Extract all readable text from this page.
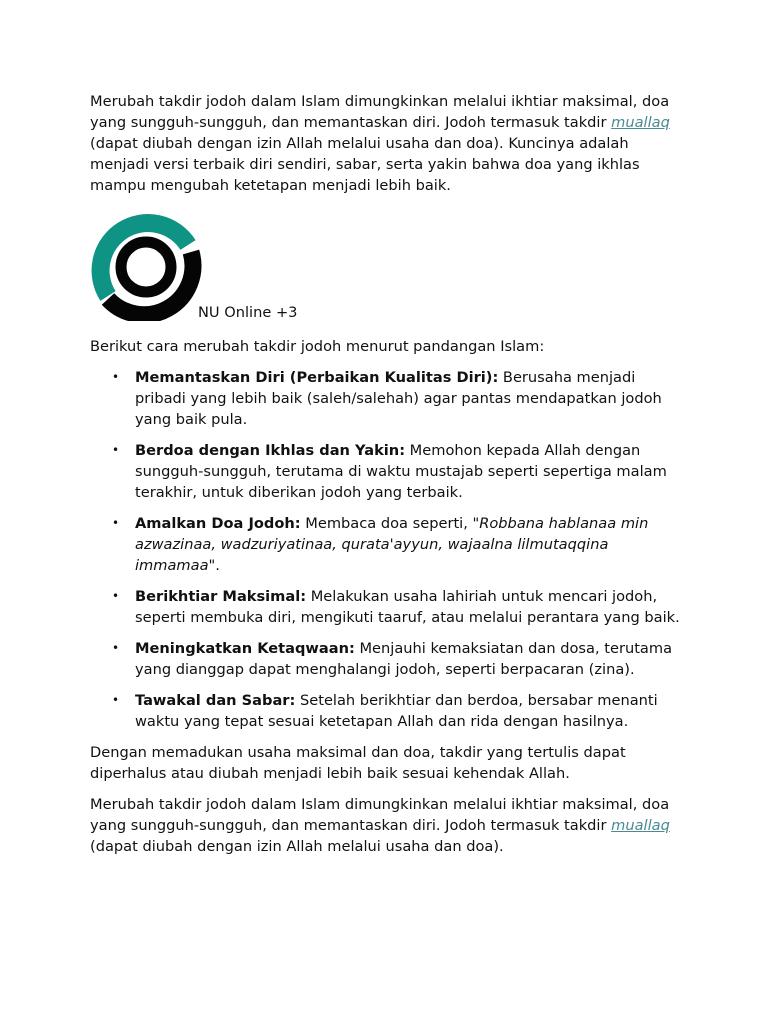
Merubah takdir jodoh dalam Islam dimungkinkan melalui ikhtiar maksimal, doa yang sungguh-sungguh, dan memantaskan diri. Jodoh termasuk takdir muallaq (dapat diubah dengan izin Allah melalui usaha dan doa). Kuncinya adalah menjadi versi terbaik diri sendiri, sabar, serta yakin bahwa doa yang ikhlas mampu mengubah ketetapan menjadi lebih baik.

NU Online +3

Berikut cara merubah takdir jodoh menurut pandangan Islam:

• Memantaskan Diri (Perbaikan Kualitas Diri): Berusaha menjadi pribadi yang lebih baik (saleh/salehah) agar pantas mendapatkan jodoh yang baik pula.
• Berdoa dengan Ikhlas dan Yakin: Memohon kepada Allah dengan sungguh-sungguh, terutama di waktu mustajab seperti sepertiga malam terakhir, untuk diberikan jodoh yang terbaik.
• Amalkan Doa Jodoh: Membaca doa seperti, "Robbana hablanaa min azwazinaa, wadzuriyatinaa, qurata'ayyun, wajaalna lilmutaqqina immamaa".
• Berikhtiar Maksimal: Melakukan usaha lahiriah untuk mencari jodoh, seperti membuka diri, mengikuti taaruf, atau melalui perantara yang baik.
• Meningkatkan Ketaqwaan: Menjauhi kemaksiatan dan dosa, terutama yang dianggap dapat menghalangi jodoh, seperti berpacaran (zina).
• Tawakal dan Sabar: Setelah berikhtiar dan berdoa, bersabar menanti waktu yang tepat sesuai ketetapan Allah dan rida dengan hasilnya.

Dengan memadukan usaha maksimal dan doa, takdir yang tertulis dapat diperhalus atau diubah menjadi lebih baik sesuai kehendak Allah.

Merubah takdir jodoh dalam Islam dimungkinkan melalui ikhtiar maksimal, doa yang sungguh-sungguh, dan memantaskan diri. Jodoh termasuk takdir muallaq (dapat diubah dengan izin Allah melalui usaha dan doa).
